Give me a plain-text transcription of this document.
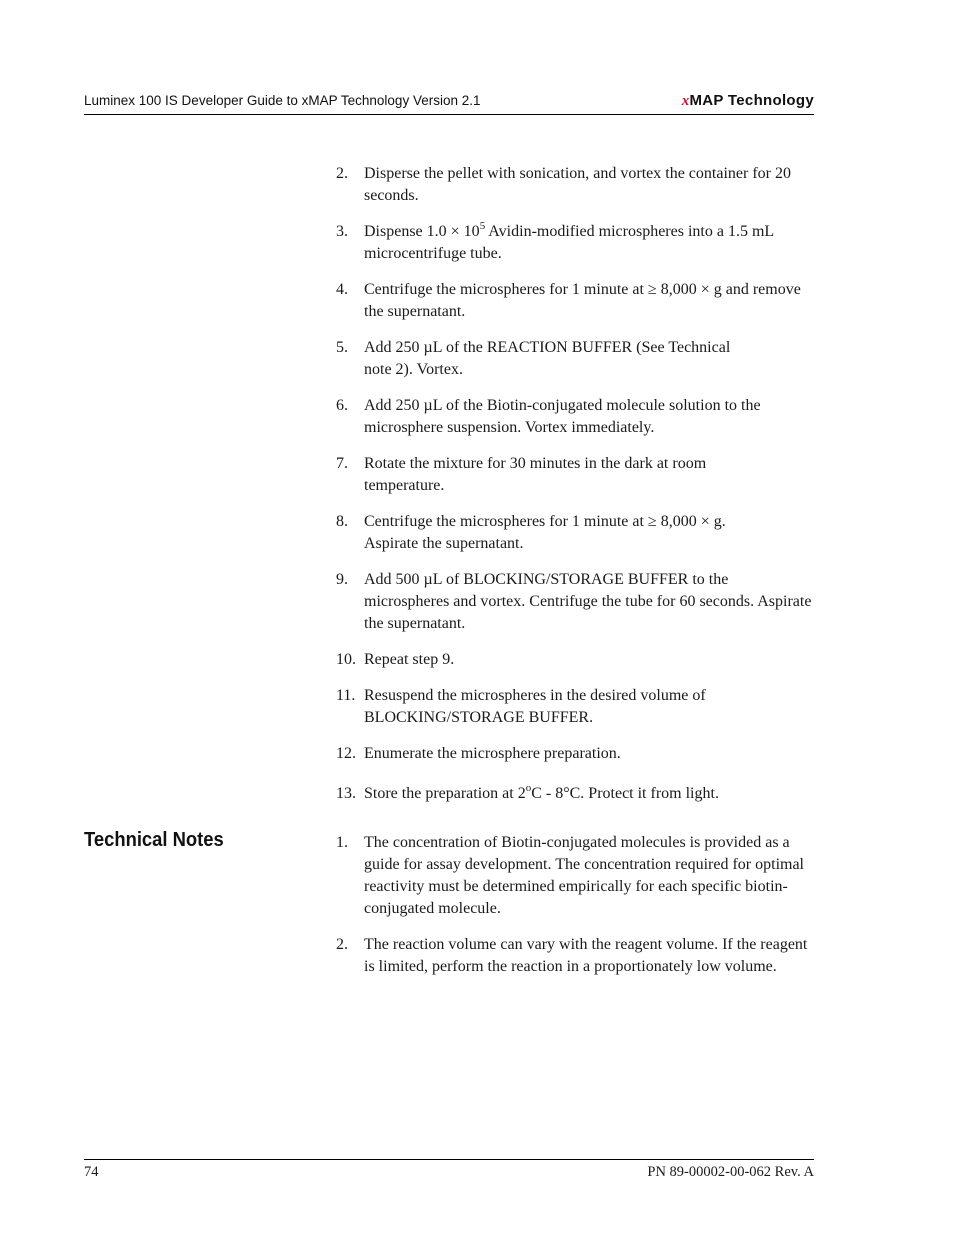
Luminex 100 IS Developer Guide to xMAP Technology Version 2.1	xMAP Technology
2. Disperse the pellet with sonication, and vortex the container for 20 seconds.
3. Dispense $1.0 \times 10^5$ Avidin-modified microspheres into a 1.5 mL microcentrifuge tube.
4. Centrifuge the microspheres for 1 minute at ≥ 8,000 × g and remove the supernatant.
5. Add 250 µL of the REACTION BUFFER (See Technical
note 2). Vortex.
6. Add 250 µL of the Biotin-conjugated molecule solution to the microsphere suspension. Vortex immediately.
7. Rotate the mixture for 30 minutes in the dark at room
temperature.
8. Centrifuge the microspheres for 1 minute at ≥ 8,000 × g.
Aspirate the supernatant.
9. Add 500 µL of BLOCKING/STORAGE BUFFER to the microspheres and vortex. Centrifuge the tube for 60 seconds. Aspirate the supernatant.
10. Repeat step 9.
11. Resuspend the microspheres in the desired volume of
BLOCKING/STORAGE BUFFER.
12. Enumerate the microsphere preparation.
13. Store the preparation at 2$^o$C - 8°C. Protect it from light.
Technical Notes	1. The concentration of Biotin-conjugated molecules is provided as a guide for assay development. The concentration required for optimal reactivity must be determined empirically for each specific biotin-conjugated molecule.
2. The reaction volume can vary with the reagent volume. If the reagent is limited, perform the reaction in a proportionately low volume.
74	PN 89-00002-00-062 Rev. A
